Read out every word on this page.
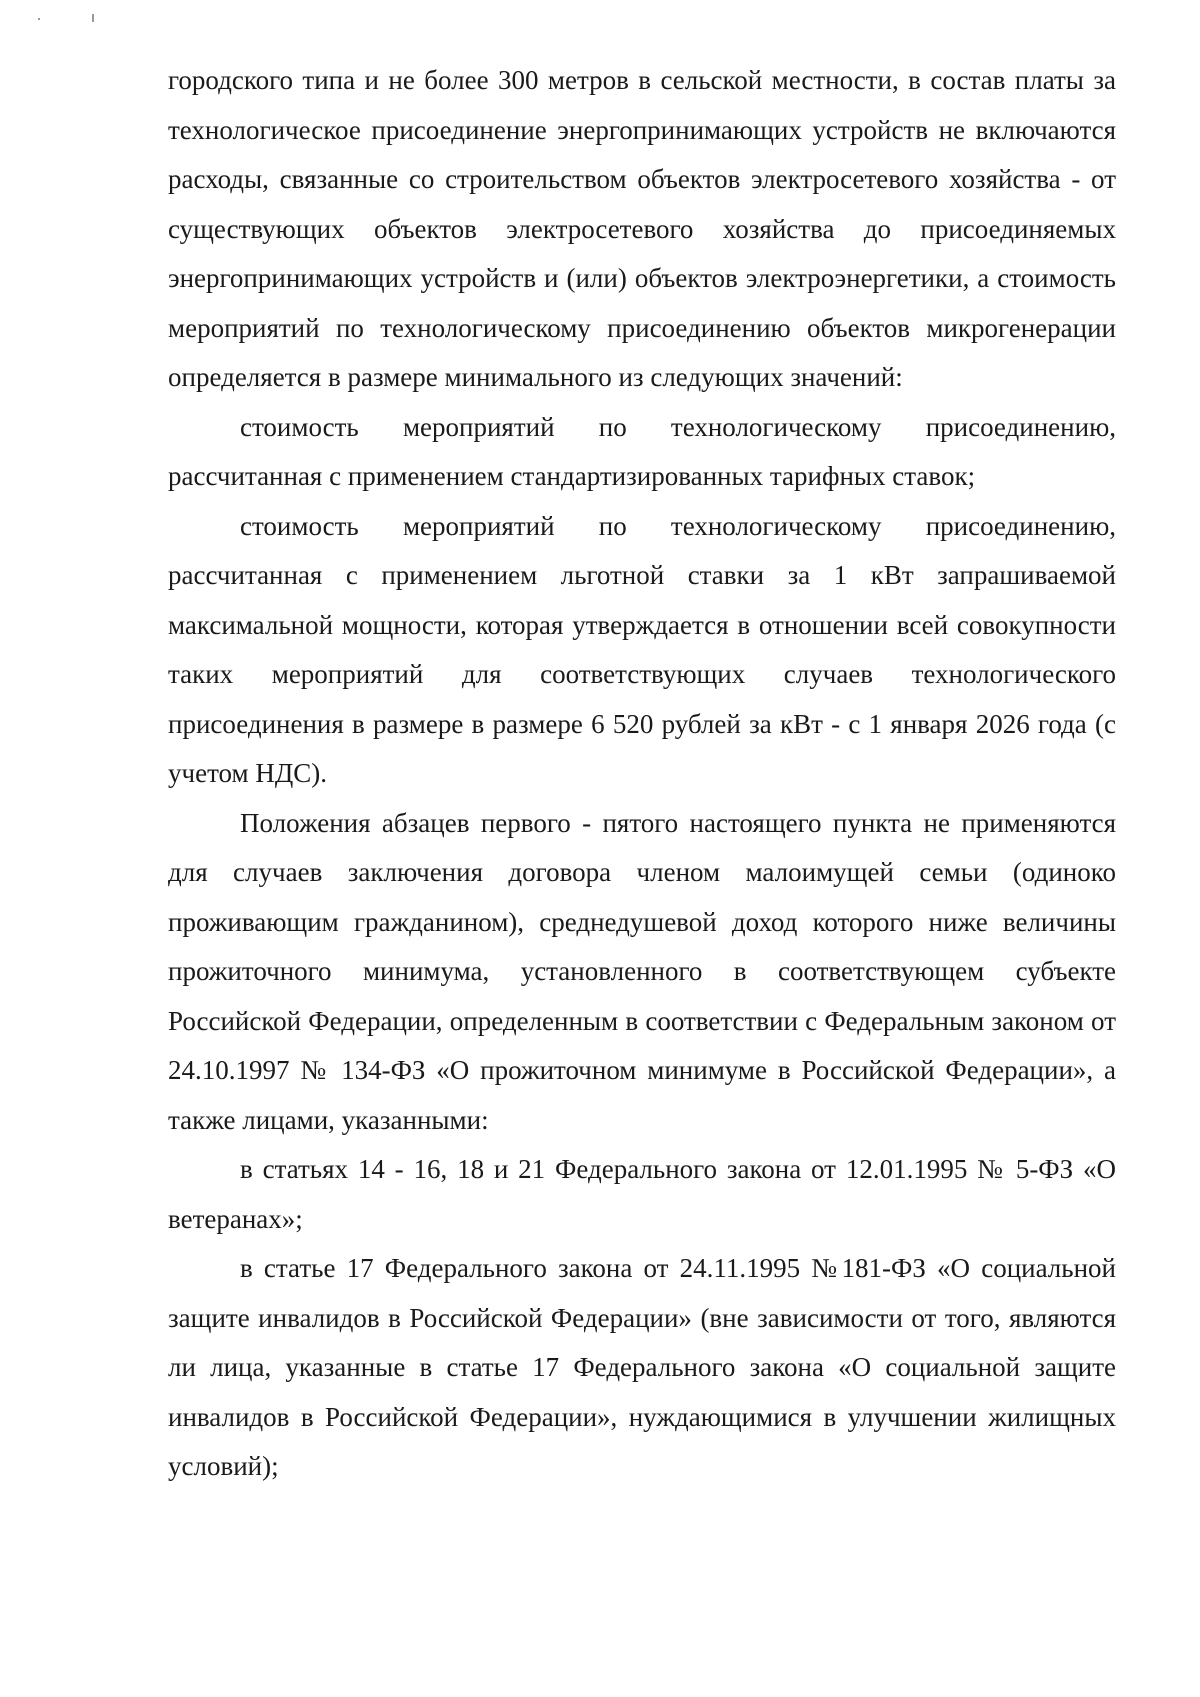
городского типа и не более 300 метров в сельской местности, в состав платы за технологическое присоединение энергопринимающих устройств не включаются расходы, связанные со строительством объектов электросетевого хозяйства - от существующих объектов электросетевого хозяйства до присоединяемых энергопринимающих устройств и (или) объектов электроэнергетики, а стоимость мероприятий по технологическому присоединению объектов микрогенерации определяется в размере минимального из следующих значений:

стоимость мероприятий по технологическому присоединению, рассчитанная с применением стандартизированных тарифных ставок;

стоимость мероприятий по технологическому присоединению, рассчитанная с применением льготной ставки за 1 кВт запрашиваемой максимальной мощности, которая утверждается в отношении всей совокупности таких мероприятий для соответствующих случаев технологического присоединения в размере в размере 6 520 рублей за кВт - с 1 января 2026 года (с учетом НДС).

Положения абзацев первого - пятого настоящего пункта не применяются для случаев заключения договора членом малоимущей семьи (одиноко проживающим гражданином), среднедушевой доход которого ниже величины прожиточного минимума, установленного в соответствующем субъекте Российской Федерации, определенным в соответствии с Федеральным законом от 24.10.1997 № 134-ФЗ «О прожиточном минимуме в Российской Федерации», а также лицами, указанными:

в статьях 14 - 16, 18 и 21 Федерального закона от 12.01.1995 № 5-ФЗ «О ветеранах»;

в статье 17 Федерального закона от 24.11.1995 №181-ФЗ «О социальной защите инвалидов в Российской Федерации» (вне зависимости от того, являются ли лица, указанные в статье 17 Федерального закона «О социальной защите инвалидов в Российской Федерации», нуждающимися в улучшении жилищных условий);
